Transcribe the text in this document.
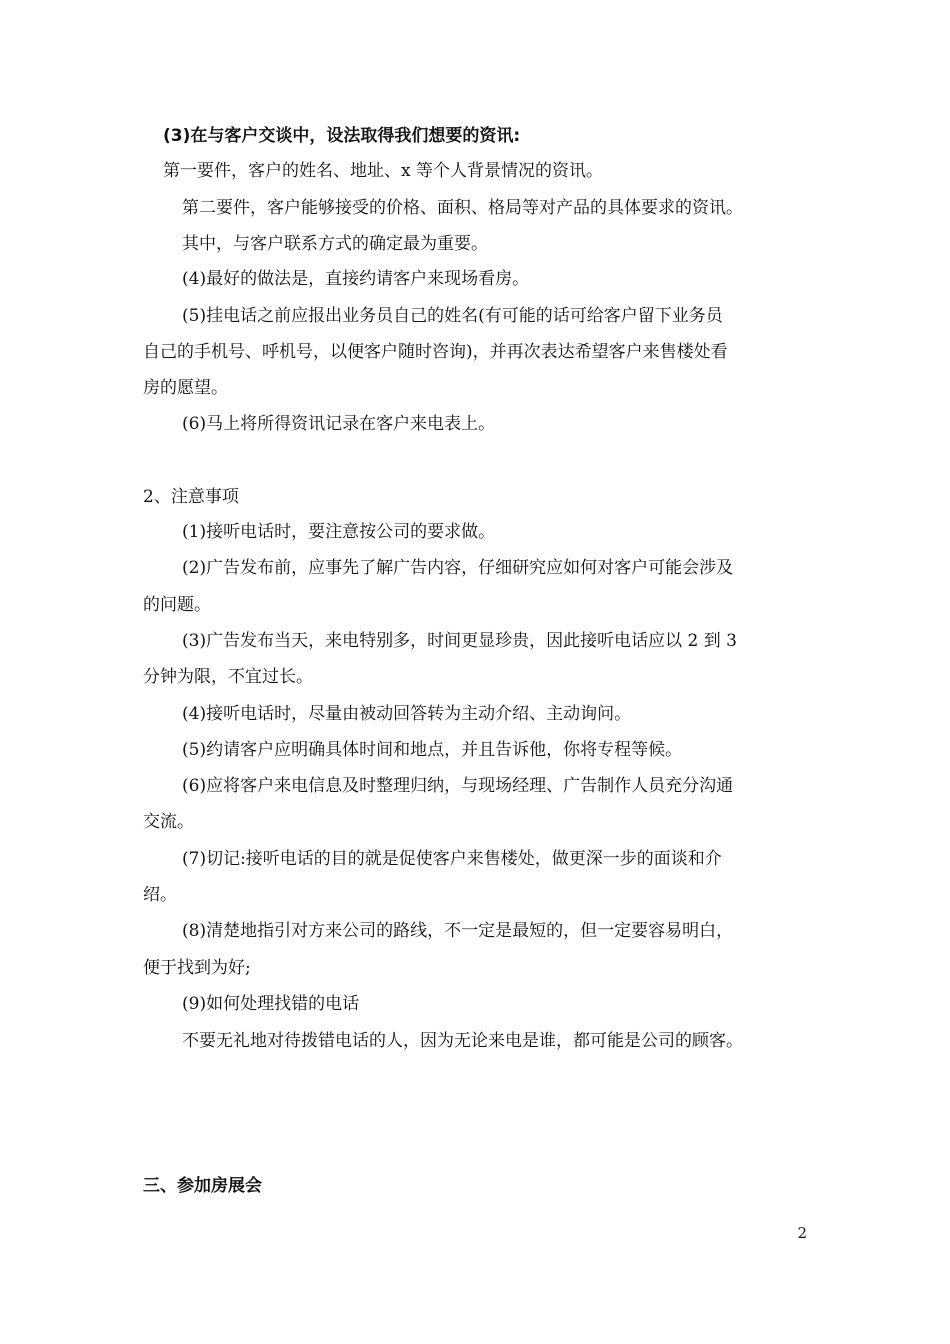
(3)在与客户交谈中，设法取得我们想要的资讯:
第一要件，客户的姓名、地址、x 等个人背景情况的资讯。
第二要件，客户能够接受的价格、面积、格局等对产品的具体要求的资讯。
其中，与客户联系方式的确定最为重要。
(4)最好的做法是，直接约请客户来现场看房。
(5)挂电话之前应报出业务员自己的姓名(有可能的话可给客户留下业务员
自己的手机号、呼机号，以便客户随时咨询)，并再次表达希望客户来售楼处看
房的愿望。
(6)马上将所得资讯记录在客户来电表上。
2、注意事项
(1)接听电话时，要注意按公司的要求做。
(2)广告发布前，应事先了解广告内容，仔细研究应如何对客户可能会涉及
的问题。
(3)广告发布当天，来电特别多，时间更显珍贵，因此接听电话应以 2 到 3
分钟为限，不宜过长。
(4)接听电话时，尽量由被动回答转为主动介绍、主动询问。
(5)约请客户应明确具体时间和地点，并且告诉他，你将专程等候。
(6)应将客户来电信息及时整理归纳，与现场经理、广告制作人员充分沟通
交流。
(7)切记:接听电话的目的就是促使客户来售楼处，做更深一步的面谈和介
绍。
(8)清楚地指引对方来公司的路线，不一定是最短的，但一定要容易明白，
便于找到为好;
(9)如何处理找错的电话
不要无礼地对待拨错电话的人，因为无论来电是谁，都可能是公司的顾客。
三、参加房展会
2
